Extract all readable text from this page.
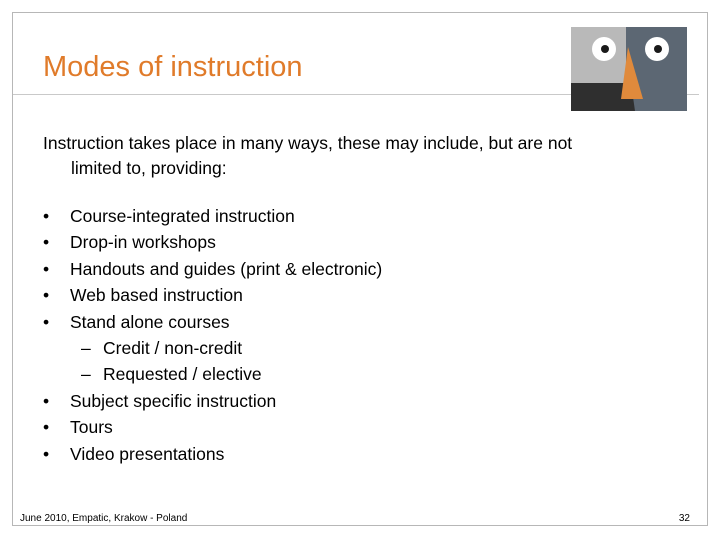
Modes of instruction
Instruction takes place in many ways, these may include, but are not
limited to, providing:
• Course-integrated instruction
• Drop-in workshops
• Handouts and guides (print & electronic)
• Web based instruction
• Stand alone courses
– Credit / non-credit
– Requested / elective
• Subject specific instruction
• Tours
• Video presentations
June 2010, Empatic, Krakow - Poland	32
